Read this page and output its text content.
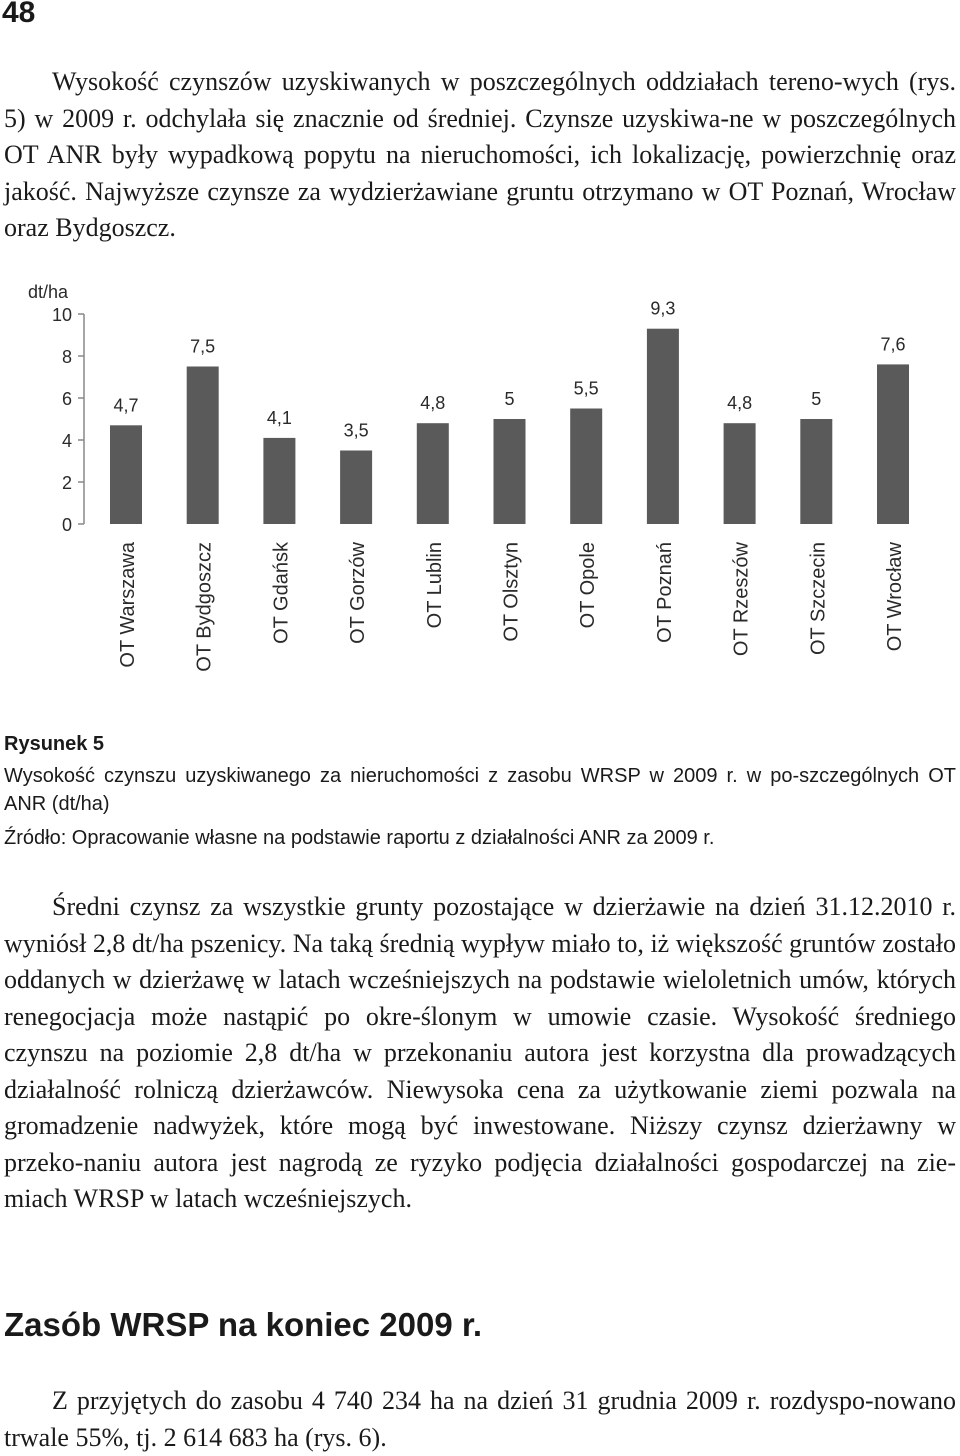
48

Wysokość czynszów uzyskiwanych w poszczególnych oddziałach tereno-wych (rys. 5) w 2009 r. odchylała się znacznie od średniej. Czynsze uzyskiwa-ne w poszczególnych OT ANR były wypadkową popytu na nieruchomości, ich lokalizację, powierzchnię oraz jakość. Najwyższe czynsze za wydzierżawiane gruntu otrzymano w OT Poznań, Wrocław oraz Bydgoszcz.

dt/ha
0
2
4
6
8
10
4,7
7,5
4,1
3,5
4,8	5
5,5
9,3
4,8	5
7,6
OT Warszawa	OT Bydgoszcz	OT Gdańsk	OT Gorzów	OT Lublin	OT Olsztyn	OT Opole	OT Poznań	OT Rzeszów	OT Szczecin	OT Wrocław
Rysunek 5

Wysokość czynszu uzyskiwanego za nieruchomości z zasobu WRSP w 2009 r. w po-szczególnych OT ANR (dt/ha)

Źródło: Opracowanie własne na podstawie raportu z działalności ANR za 2009 r.

Średni czynsz za wszystkie grunty pozostające w dzierżawie na dzień 31.12.2010 r. wyniósł 2,8 dt/ha pszenicy. Na taką średnią wypływ miało to, iż większość gruntów zostało oddanych w dzierżawę w latach wcześniejszych na podstawie wieloletnich umów, których renegocjacja może nastąpić po okre-ślonym w umowie czasie. Wysokość średniego czynszu na poziomie 2,8 dt/ha w przekonaniu autora jest korzystna dla prowadzących działalność rolniczą dzierżawców. Niewysoka cena za użytkowanie ziemi pozwala na gromadzenie nadwyżek, które mogą być inwestowane. Niższy czynsz dzierżawny w przeko-naniu autora jest nagrodą ze ryzyko podjęcia działalności gospodarczej na zie-miach WRSP w latach wcześniejszych.

Zasób WRSP na koniec 2009 r.

Z przyjętych do zasobu 4 740 234 ha na dzień 31 grudnia 2009 r. rozdyspo-nowano trwale 55%, tj. 2 614 683 ha (rys. 6).
